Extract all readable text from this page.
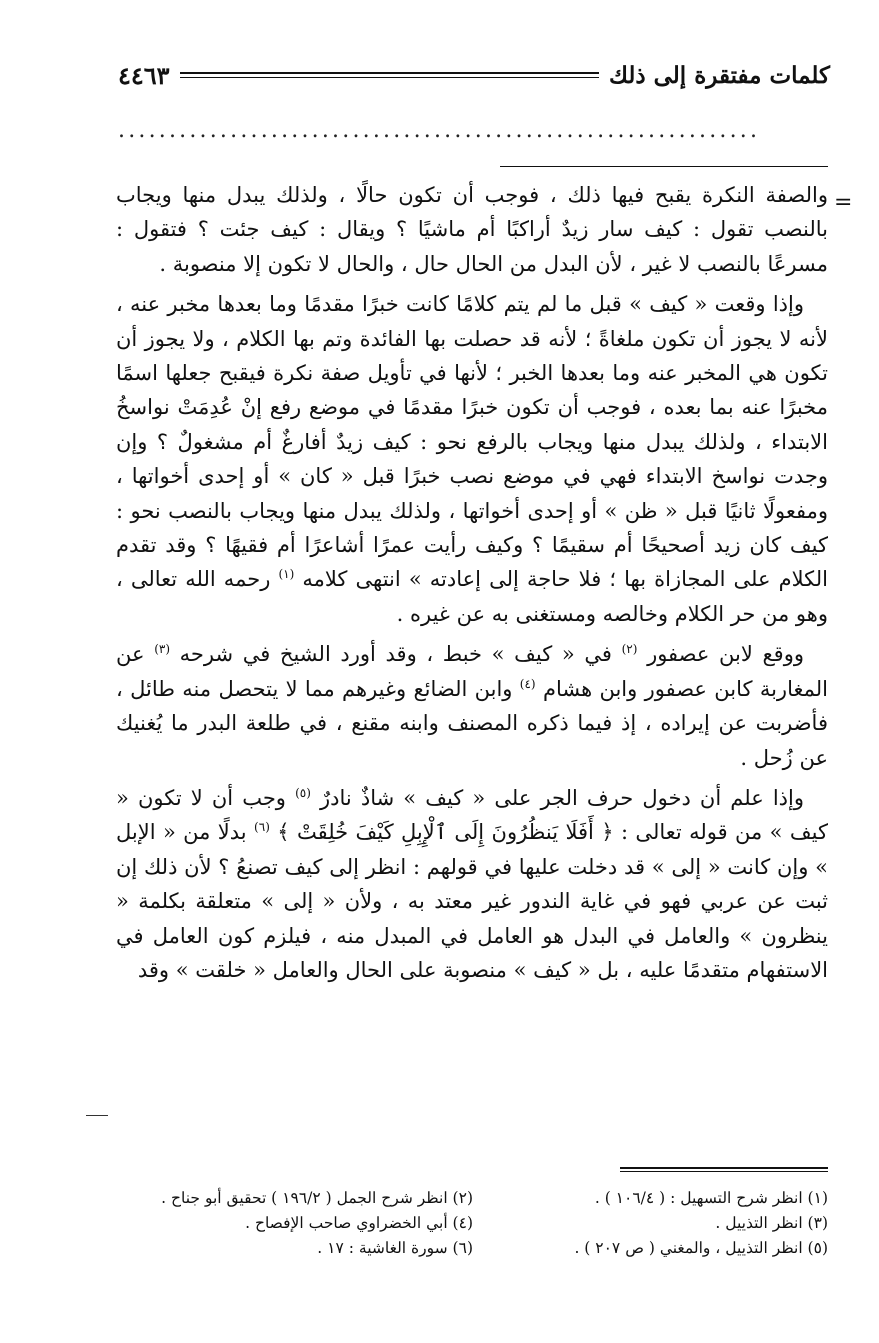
٤٤٦٣	كلمات مفتقرة إلى ذلك
...............................................................
=

والصفة النكرة يقبح فيها ذلك ، فوجب أن تكون حالًا ، ولذلك يبدل منها ويجاب بالنصب تقول : كيف سار زيدٌ أراكبًا أم ماشيًا ؟ ويقال : كيف جئت ؟ فتقول : مسرعًا بالنصب لا غير ، لأن البدل من الحال حال ، والحال لا تكون إلا منصوبة .

وإذا وقعت « كيف » قبل ما لم يتم كلامًا كانت خبرًا مقدمًا وما بعدها مخبر عنه ، لأنه لا يجوز أن تكون ملغاةً ؛ لأنه قد حصلت بها الفائدة وتم بها الكلام ، ولا يجوز أن تكون هي المخبر عنه وما بعدها الخبر ؛ لأنها في تأويل صفة نكرة فيقبح جعلها اسمًا مخبرًا عنه بما بعده ، فوجب أن تكون خبرًا مقدمًا في موضع رفع إنْ عُدِمَتْ نواسخُ الابتداء ، ولذلك يبدل منها ويجاب بالرفع نحو : كيف زيدٌ أفارغٌ أم مشغولٌ ؟ وإن وجدت نواسخ الابتداء فهي في موضع نصب خبرًا قبل « كان » أو إحدى أخواتها ، ومفعولًا ثانيًا قبل « ظن » أو إحدى أخواتها ، ولذلك يبدل منها ويجاب بالنصب نحو : كيف كان زيد أصحيحًا أم سقيمًا ؟ وكيف رأيت عمرًا أشاعرًا أم فقيهًا ؟ وقد تقدم الكلام على المجازاة بها ؛ فلا حاجة إلى إعادته » انتهى كلامه $^{(١)}$ رحمه الله تعالى ، وهو من حر الكلام وخالصه ومستغنى به عن غيره .

ووقع لابن عصفور $^{(٢)}$ في « كيف » خبط ، وقد أورد الشيخ في شرحه $^{(٣)}$ عن المغاربة كابن عصفور وابن هشام $^{(٤)}$ وابن الضائع وغيرهم مما لا يتحصل منه طائل ، فأضربت عن إيراده ، إذ فيما ذكره المصنف وابنه مقنع ، في طلعة البدر ما يُغنيك عن زُحل .

وإذا علم أن دخول حرف الجر على « كيف » شاذٌ نادرٌ $^{(٥)}$ وجب أن لا تكون « كيف » من قوله تعالى : ﴿ أَفَلَا يَنظُرُونَ إِلَى ٱلْإِبِلِ كَيْفَ خُلِقَتْ ﴾ $^{(٦)}$ بدلًا من « الإبل » وإن كانت « إلى » قد دخلت عليها في قولهم : انظر إلى كيف تصنعُ ؟ لأن ذلك إن ثبت عن عربي فهو في غاية الندور غير معتد به ، ولأن « إلى » متعلقة بكلمة « ينظرون » والعامل في البدل هو العامل في المبدل منه ، فيلزم كون العامل في الاستفهام متقدمًا عليه ، بل « كيف » منصوبة على الحال والعامل « خلقت » وقد

(١) انظر شرح التسهيل : ( ١٠٦/٤ ) .
(٢) انظر شرح الجمل ( ١٩٦/٢ ) تحقيق أبو جناح .
(٣) انظر التذييل .
(٤) أبي الخضراوي صاحب الإفصاح .
(٥) انظر التذييل ، والمغني ( ص ٢٠٧ ) .
(٦) سورة الغاشية : ١٧ .
